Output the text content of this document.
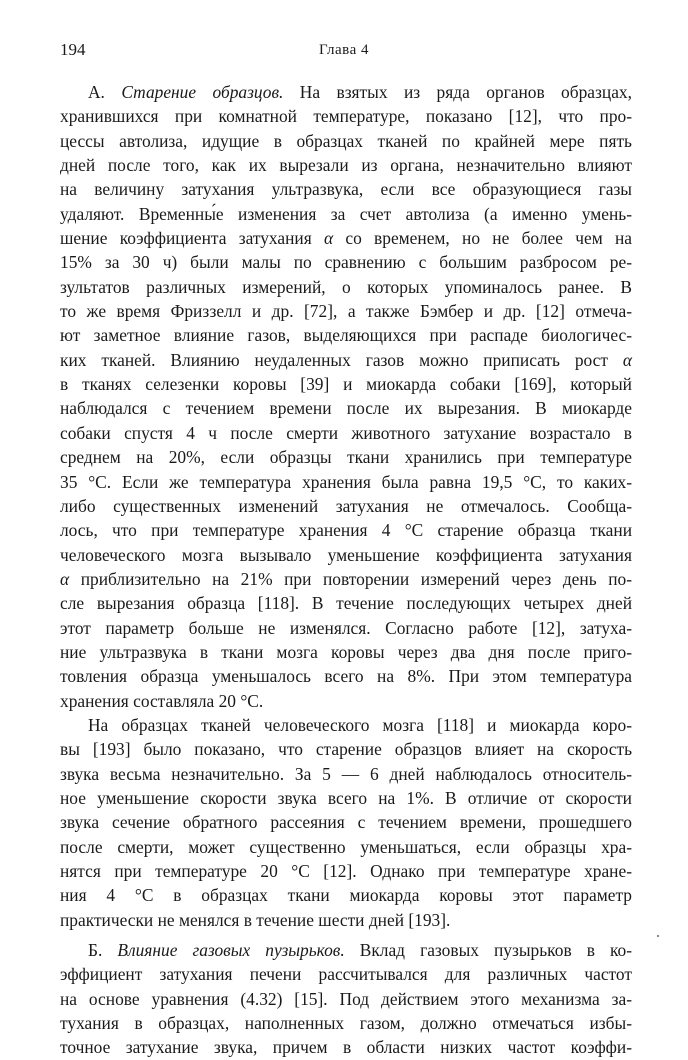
194	Глава 4
А. Старение образцов. На взятых из ряда органов образцах,
хранившихся при комнатной температуре, показано [12], что про-
цессы автолиза, идущие в образцах тканей по крайней мере пять
дней после того, как их вырезали из органа, незначительно влияют
на величину затухания ультразвука, если все образующиеся газы
удаляют. Временны́е изменения за счет автолиза (а именно умень-
шение коэффициента затухания α со временем, но не более чем на
15% за 30 ч) были малы по сравнению с большим разбросом ре-
зультатов различных измерений, о которых упоминалось ранее. В
то же время Фриззелл и др. [72], а также Бэмбер и др. [12] отмеча-
ют заметное влияние газов, выделяющихся при распаде биологичес-
ких тканей. Влиянию неудаленных газов можно приписать рост α
в тканях селезенки коровы [39] и миокарда собаки [169], который
наблюдался с течением времени после их вырезания. В миокарде
собаки спустя 4 ч после смерти животного затухание возрастало в
среднем на 20%, если образцы ткани хранились при температуре
35 °C. Если же температура хранения была равна 19,5 °C, то каких-
либо существенных изменений затухания не отмечалось. Сообща-
лось, что при температуре хранения 4 °C старение образца ткани
человеческого мозга вызывало уменьшение коэффициента затухания
α приблизительно на 21% при повторении измерений через день по-
сле вырезания образца [118]. В течение последующих четырех дней
этот параметр больше не изменялся. Согласно работе [12], затуха-
ние ультразвука в ткани мозга коровы через два дня после приго-
товления образца уменьшалось всего на 8%. При этом температура
хранения составляла 20 °C.
На образцах тканей человеческого мозга [118] и миокарда коро-
вы [193] было показано, что старение образцов влияет на скорость
звука весьма незначительно. За 5 — 6 дней наблюдалось относитель-
ное уменьшение скорости звука всего на 1%. В отличие от скорости
звука сечение обратного рассеяния с течением времени, прошедшего
после смерти, может существенно уменьшаться, если образцы хра-
нятся при температуре 20 °C [12]. Однако при температуре хране-
ния 4 °C в образцах ткани миокарда коровы этот параметр
практически не менялся в течение шести дней [193].
Б. Влияние газовых пузырьков. Вклад газовых пузырьков в ко-
эффициент затухания печени рассчитывался для различных частот
на основе уравнения (4.32) [15]. Под действием этого механизма за-
тухания в образцах, наполненных газом, должно отмечаться избы-
точное затухание звука, причем в области низких частот коэффи-
